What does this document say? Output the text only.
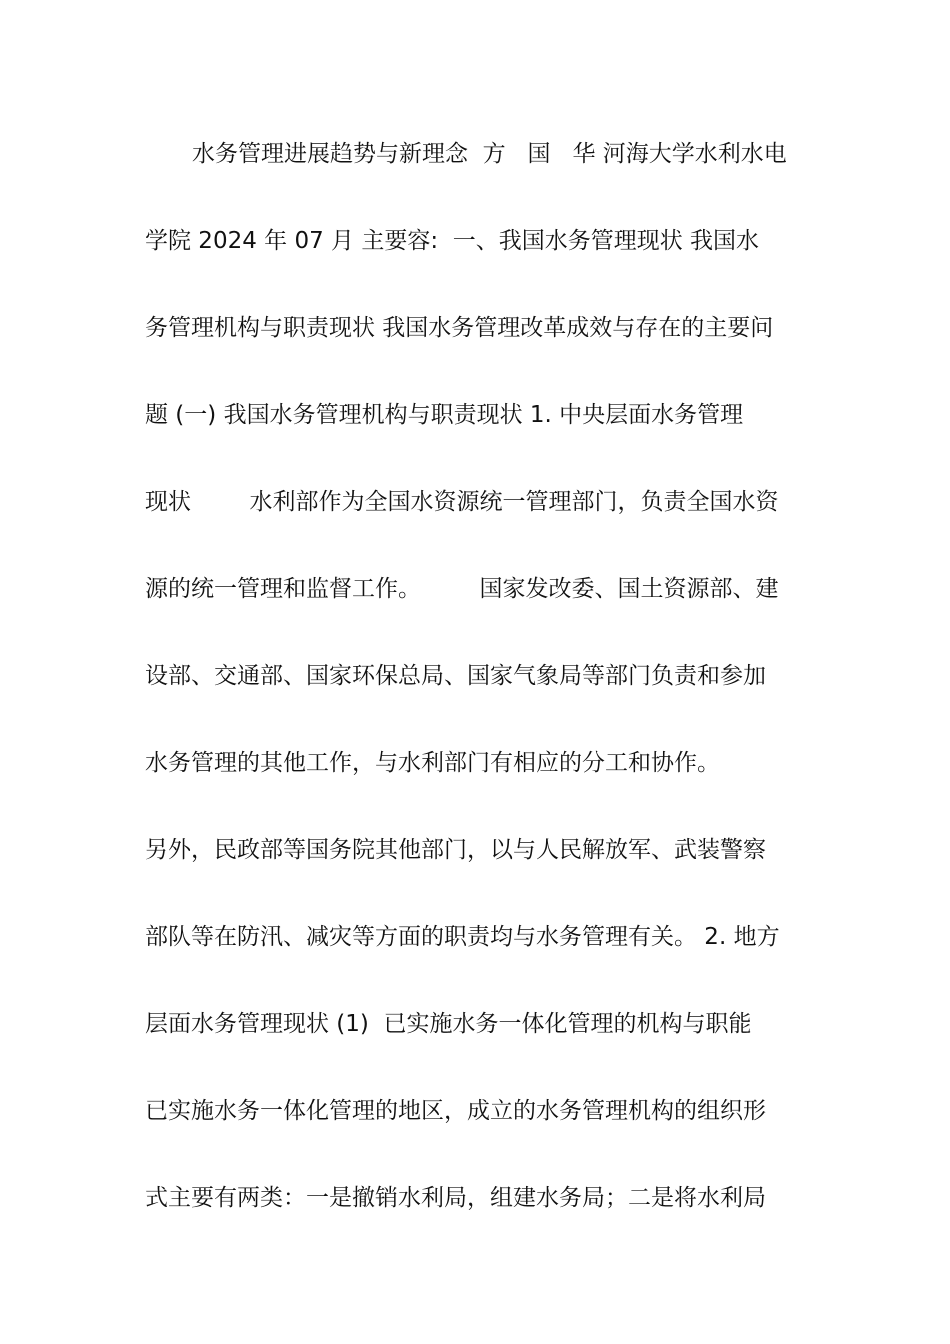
水务管理进展趋势与新理念  方   国   华 河海大学水利水电
学院 2024 年 07 月 主要容:  一、我国水务管理现状 我国水
务管理机构与职责现状 我国水务管理改革成效与存在的主要问
题 (一) 我国水务管理机构与职责现状 1. 中央层面水务管理
现状        水利部作为全国水资源统一管理部门，负责全国水资
源的统一管理和监督工作。        国家发改委、国土资源部、建
设部、交通部、国家环保总局、国家气象局等部门负责和参加
水务管理的其他工作，与水利部门有相应的分工和协作。
另外，民政部等国务院其他部门，以与人民解放军、武装警察
部队等在防汛、减灾等方面的职责均与水务管理有关。 2. 地方
层面水务管理现状 (1)  已实施水务一体化管理的机构与职能
已实施水务一体化管理的地区，成立的水务管理机构的组织形
式主要有两类：一是撤销水利局，组建水务局；二是将水利局
